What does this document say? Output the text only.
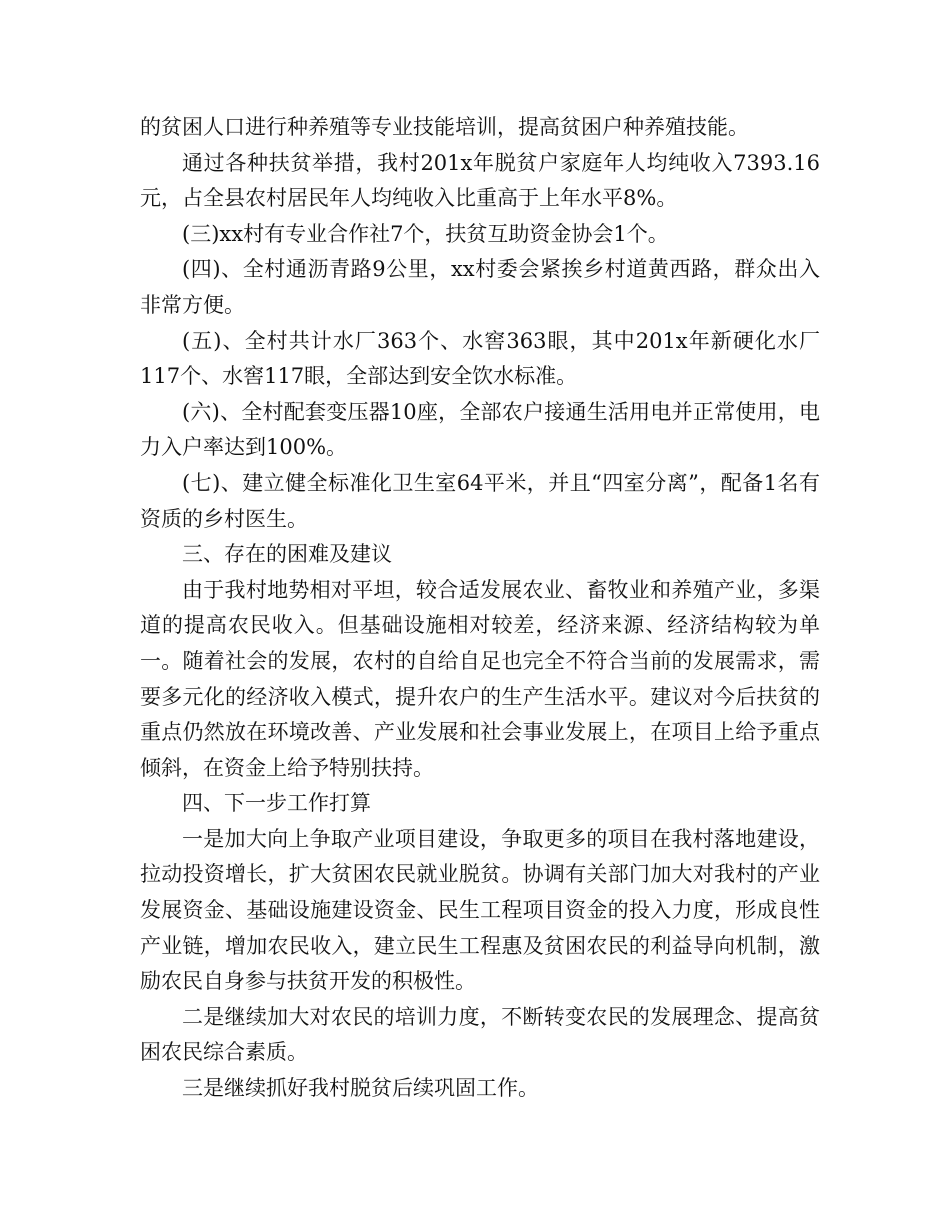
的贫困人口进行种养殖等专业技能培训，提高贫困户种养殖技能。

通过各种扶贫举措，我村201x年脱贫户家庭年人均纯收入7393.16元，占全县农村居民年人均纯收入比重高于上年水平8%。

(三)xx村有专业合作社7个，扶贫互助资金协会1个。

(四)、全村通沥青路9公里，xx村委会紧挨乡村道黄西路，群众出入非常方便。

(五)、全村共计水厂363个、水窖363眼，其中201x年新硬化水厂117个、水窖117眼，全部达到安全饮水标准。

(六)、全村配套变压器10座，全部农户接通生活用电并正常使用，电力入户率达到100%。

(七)、建立健全标准化卫生室64平米，并且“四室分离”，配备1名有资质的乡村医生。

三、存在的困难及建议

由于我村地势相对平坦，较合适发展农业、畜牧业和养殖产业，多渠道的提高农民收入。但基础设施相对较差，经济来源、经济结构较为单一。随着社会的发展，农村的自给自足也完全不符合当前的发展需求，需要多元化的经济收入模式，提升农户的生产生活水平。建议对今后扶贫的重点仍然放在环境改善、产业发展和社会事业发展上，在项目上给予重点倾斜，在资金上给予特别扶持。

四、下一步工作打算

一是加大向上争取产业项目建设，争取更多的项目在我村落地建设，拉动投资增长，扩大贫困农民就业脱贫。协调有关部门加大对我村的产业发展资金、基础设施建设资金、民生工程项目资金的投入力度，形成良性产业链，增加农民收入，建立民生工程惠及贫困农民的利益导向机制，激励农民自身参与扶贫开发的积极性。

二是继续加大对农民的培训力度，不断转变农民的发展理念、提高贫困农民综合素质。

三是继续抓好我村脱贫后续巩固工作。
